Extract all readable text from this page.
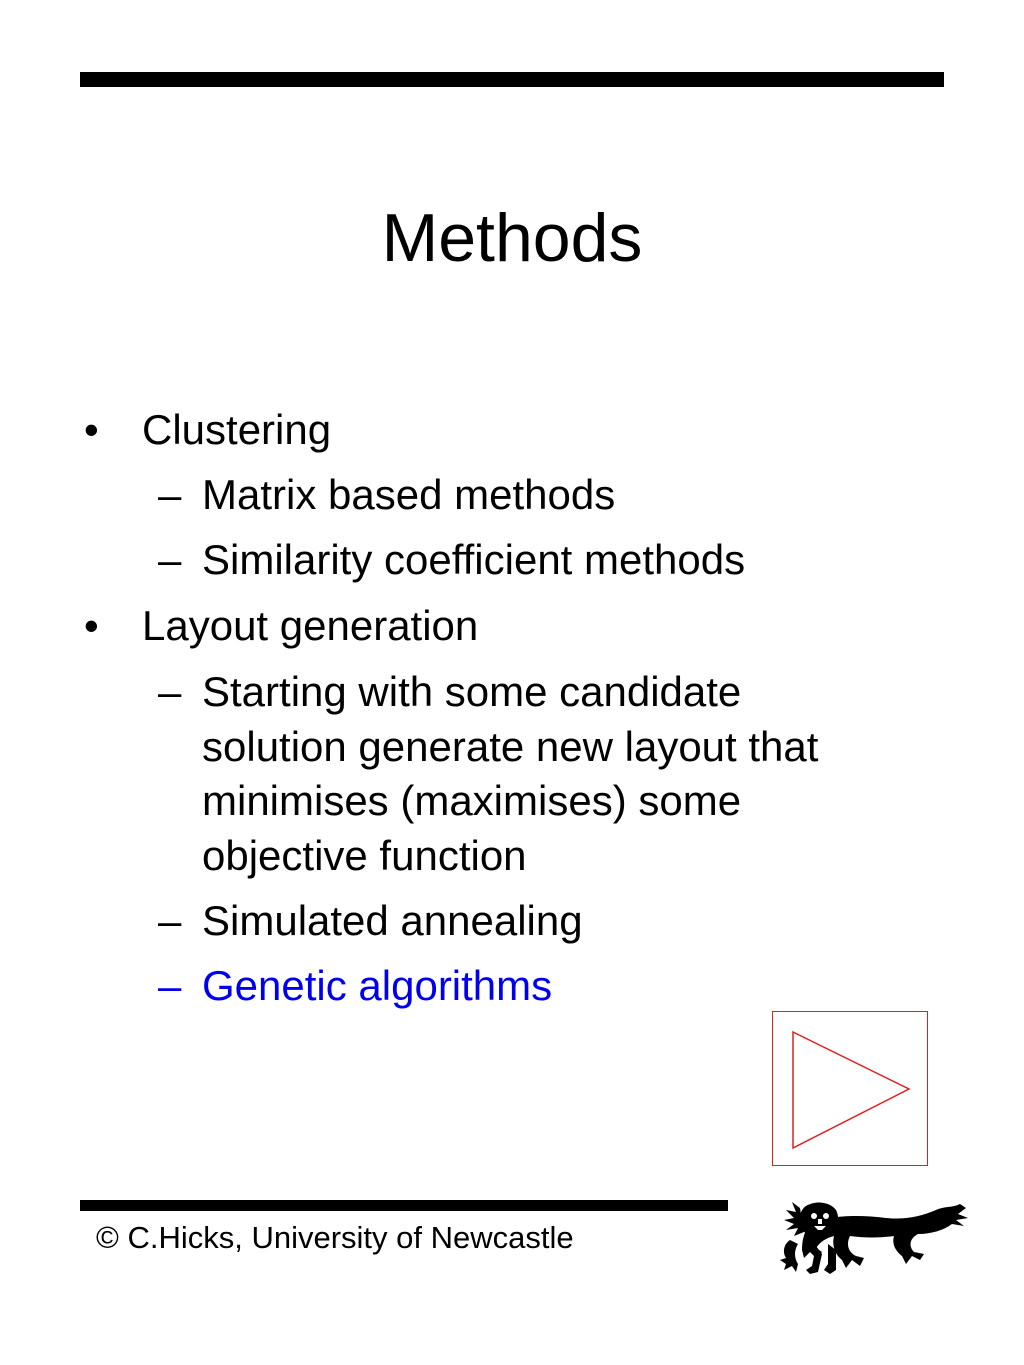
Methods
• Clustering
– Matrix based methods
– Similarity coefficient methods
• Layout generation
– Starting with some candidate
solution generate new layout that
minimises (maximises) some
objective function
– Simulated annealing
– Genetic algorithms
© C.Hicks, University of Newcastle
